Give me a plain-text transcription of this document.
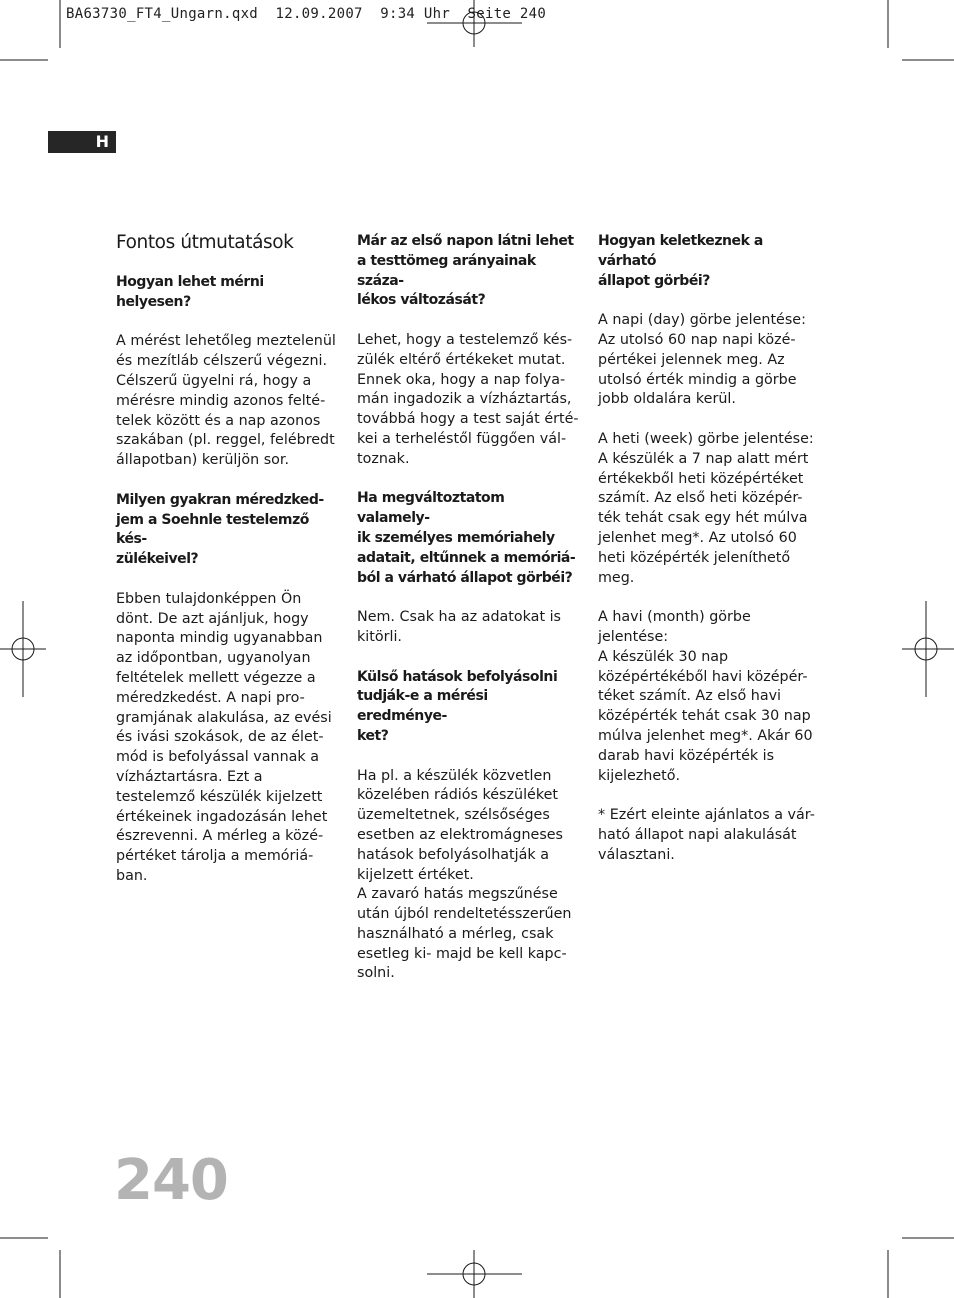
BA63730_FT4_Ungarn.qxd  12.09.2007  9:34 Uhr  Seite 240
H
Fontos útmutatások
Hogyan lehet mérni helyesen?
A mérést lehetőleg meztelenül
és mezítláb célszerű végezni.
Célszerű ügyelni rá, hogy a
mérésre mindig azonos felté-
telek között és a nap azonos
szakában (pl. reggel, felébredt
állapotban) kerüljön sor.
Milyen gyakran méredzked-
jem a Soehnle testelemző kés-
zülékeivel?
Ebben tulajdonképpen Ön
dönt. De azt ajánljuk, hogy
naponta mindig ugyanabban
az időpontban, ugyanolyan
feltételek mellett végezze a
méredzkedést. A napi pro-
gramjának alakulása, az evési
és ivási szokások, de az élet-
mód is befolyással vannak a
vízháztartásra. Ezt a
testelemző készülék kijelzett
értékeinek ingadozásán lehet
észrevenni. A mérleg a közé-
pértéket tárolja a memóriá-
ban.
Már az első napon látni lehet
a testtömeg arányainak száza-
lékos változását?
Lehet, hogy a testelemző kés-
zülék eltérő értékeket mutat.
Ennek oka, hogy a nap folya-
mán ingadozik a vízháztartás,
továbbá hogy a test saját érté-
kei a terheléstől függően vál-
toznak.
Ha megváltoztatom valamely-
ik személyes memóriahely
adatait, eltűnnek a memóriá-
ból a várható állapot görbéi?
Nem. Csak ha az adatokat is
kitörli.
Külső hatások befolyásolni
tudják-e a mérési eredménye-
ket?
Ha pl. a készülék közvetlen
közelében rádiós készüléket
üzemeltetnek, szélsőséges
esetben az elektromágneses
hatások befolyásolhatják a
kijelzett értéket.
A zavaró hatás megszűnése
után újból rendeltetésszerűen
használható a mérleg, csak
esetleg ki- majd be kell kapc-
solni.
Hogyan keletkeznek a várható
állapot görbéi?
A napi (day) görbe jelentése:
Az utolsó 60 nap napi közé-
pértékei jelennek meg. Az
utolsó érték mindig a görbe
jobb oldalára kerül.
A heti (week) görbe jelentése:
A készülék a 7 nap alatt mért
értékekből heti középértéket
számít. Az első heti középér-
ték tehát csak egy hét múlva
jelenhet meg*. Az utolsó 60
heti középérték jeleníthető
meg.
A havi (month) görbe
jelentése:
A készülék 30 nap
középértékéből havi középér-
téket számít. Az első havi
középérték tehát csak 30 nap
múlva jelenhet meg*. Akár 60
darab havi középérték is
kijelezhető.
* Ezért eleinte ajánlatos a vár-
ható állapot napi alakulását
választani.
240
